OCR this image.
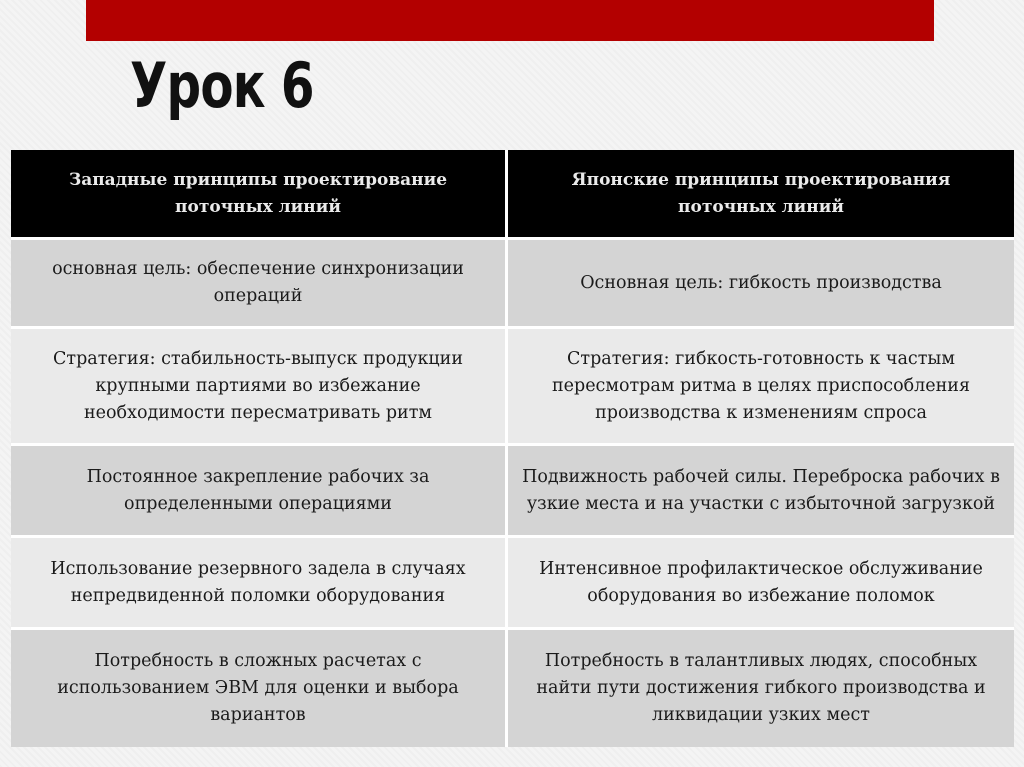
Урок 6
Западные принципы проектирование поточных линий	Японские принципы проектирования поточных линий
основная цель: обеспечение синхронизации операций	Основная цель: гибкость производства
Стратегия: стабильность-выпуск продукции крупными партиями во избежание необходимости пересматривать ритм	Стратегия: гибкость-готовность к частым пересмотрам ритма в целях приспособления производства к изменениям спроса
Постоянное закрепление рабочих за определенными операциями	Подвижность рабочей силы. Переброска рабочих в узкие места и на участки с избыточной загрузкой
Использование резервного задела в случаях непредвиденной поломки оборудования	Интенсивное профилактическое обслуживание оборудования во избежание поломок
Потребность в сложных расчетах с использованием ЭВМ для оценки и выбора вариантов	Потребность в талантливых людях, способных найти пути достижения гибкого производства и ликвидации узких мест
